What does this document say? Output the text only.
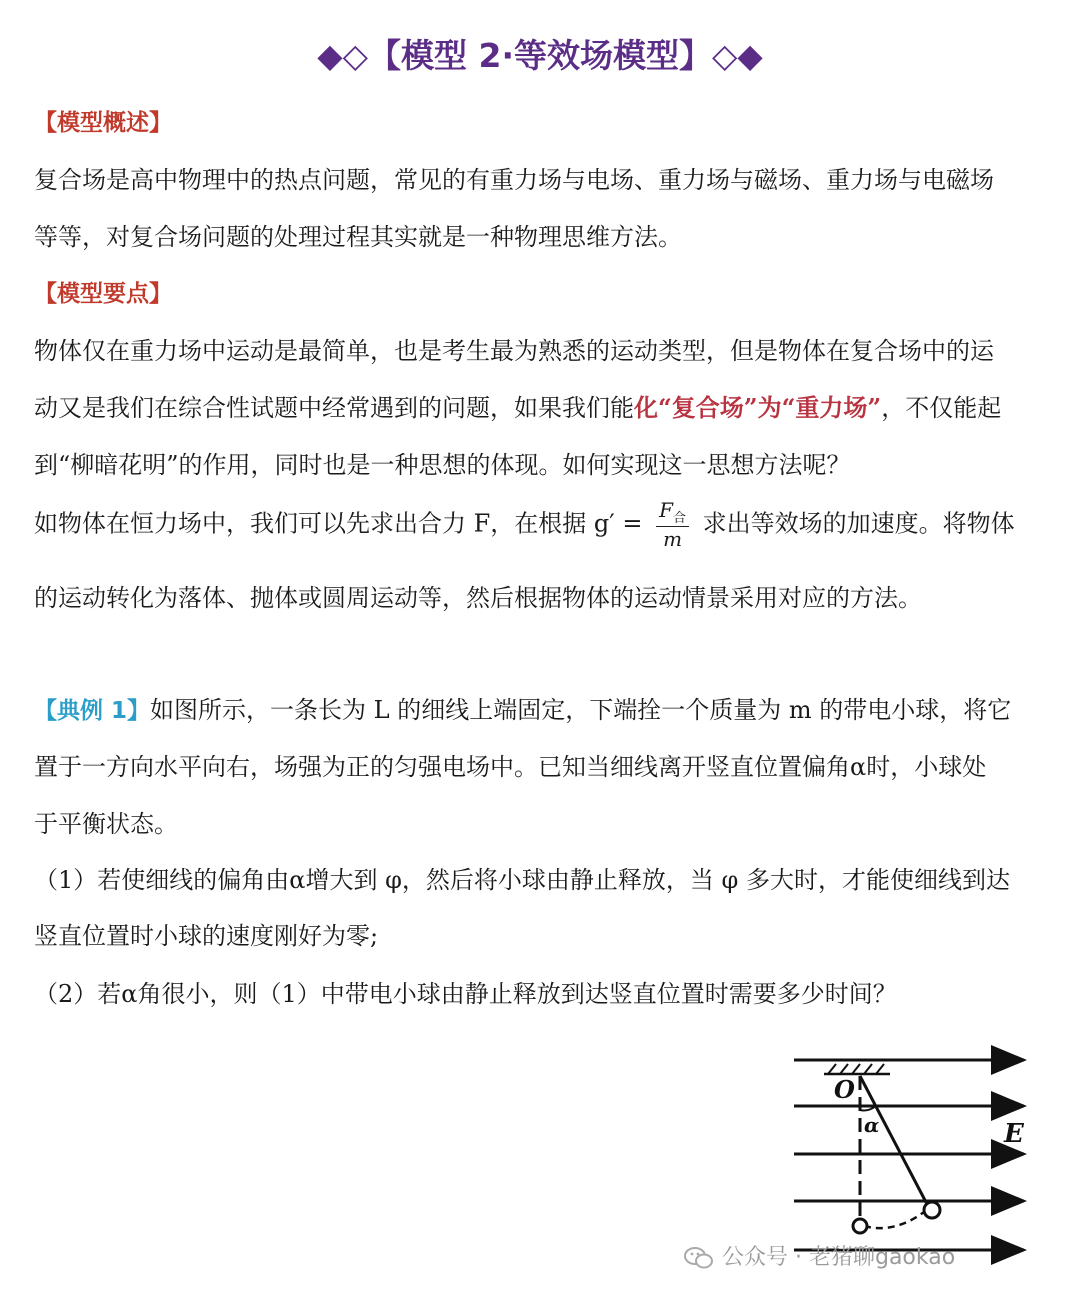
◆◇【模型 2·等效场模型】◇◆
【模型概述】
复合场是高中物理中的热点问题，常见的有重力场与电场、重力场与磁场、重力场与电磁场
等等，对复合场问题的处理过程其实就是一种物理思维方法。
【模型要点】
物体仅在重力场中运动是最简单，也是考生最为熟悉的运动类型，但是物体在复合场中的运
动又是我们在综合性试题中经常遇到的问题，如果我们能化“复合场”为“重力场”，不仅能起
到“柳暗花明”的作用，同时也是一种思想的体现。如何实现这一思想方法呢？
如物体在恒力场中，我们可以先求出合力 F，在根据 $g' = \frac{F_合}{m}$ 求出等效场的加速度。将物体
的运动转化为落体、抛体或圆周运动等，然后根据物体的运动情景采用对应的方法。
【典例 1】如图所示，一条长为 L 的细线上端固定，下端拴一个质量为 m 的带电小球，将它
置于一方向水平向右，场强为正的匀强电场中。已知当细线离开竖直位置偏角α时，小球处
于平衡状态。
（1）若使细线的偏角由α增大到 φ，然后将小球由静止释放，当 φ 多大时，才能使细线到达
竖直位置时小球的速度刚好为零;
（2）若α角很小，则（1）中带电小球由静止释放到达竖直位置时需要多少时间？
O
α	E
公众号 · 老猪聊gaokao
